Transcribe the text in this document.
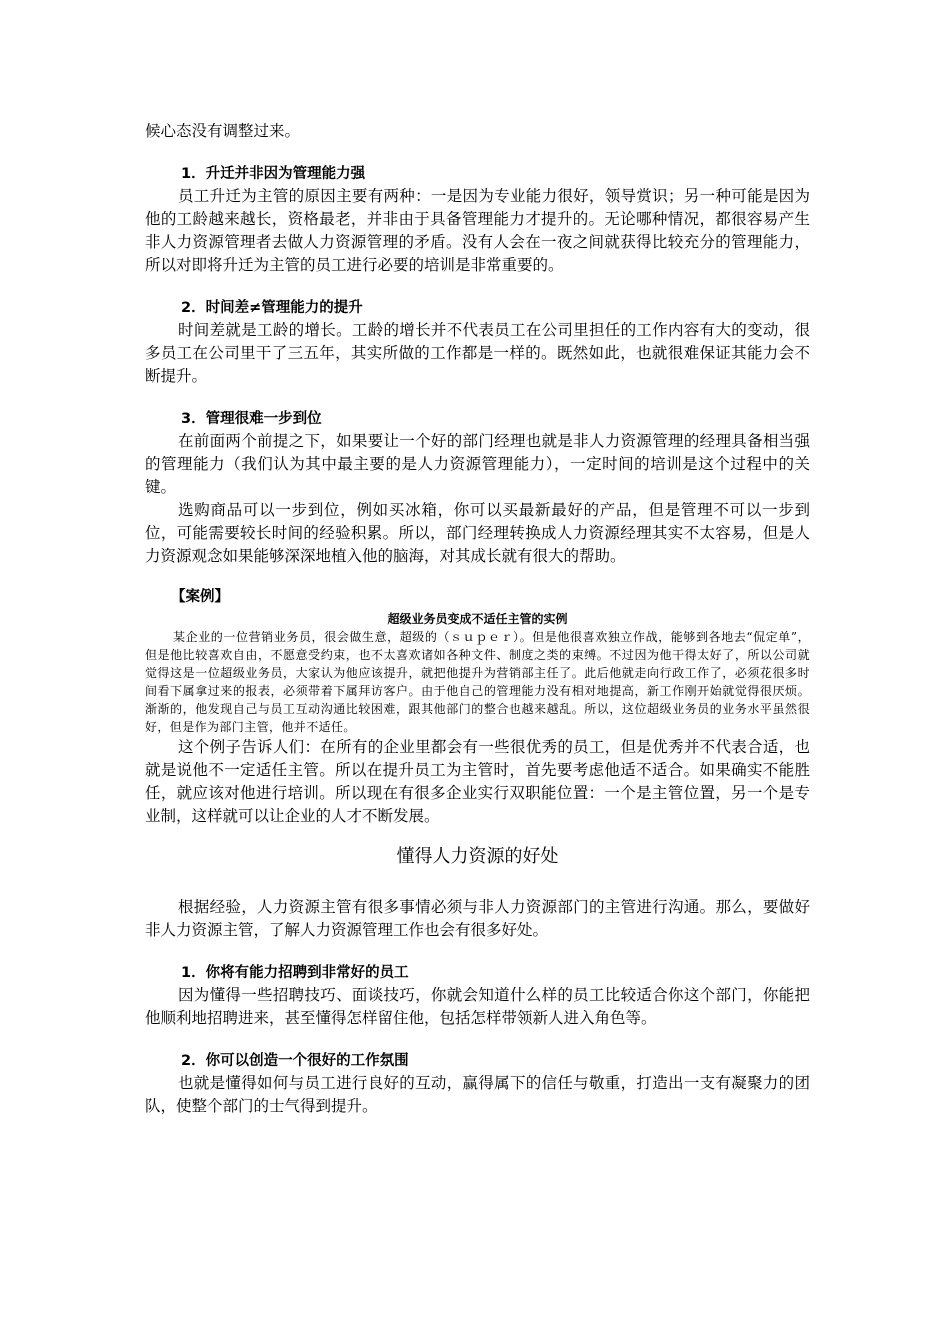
候心态没有调整过来。

1．升迁并非因为管理能力强

员工升迁为主管的原因主要有两种：一是因为专业能力很好，领导赏识；另一种可能是因为他的工龄越来越长，资格最老，并非由于具备管理能力才提升的。无论哪种情况，都很容易产生非人力资源管理者去做人力资源管理的矛盾。没有人会在一夜之间就获得比较充分的管理能力，所以对即将升迁为主管的员工进行必要的培训是非常重要的。

2．时间差≠管理能力的提升

时间差就是工龄的增长。工龄的增长并不代表员工在公司里担任的工作内容有大的变动，很多员工在公司里干了三五年，其实所做的工作都是一样的。既然如此，也就很难保证其能力会不断提升。

3．管理很难一步到位

在前面两个前提之下，如果要让一个好的部门经理也就是非人力资源管理的经理具备相当强的管理能力（我们认为其中最主要的是人力资源管理能力），一定时间的培训是这个过程中的关键。

选购商品可以一步到位，例如买冰箱，你可以买最新最好的产品，但是管理不可以一步到位，可能需要较长时间的经验积累。所以，部门经理转换成人力资源经理其实不太容易，但是人力资源观念如果能够深深地植入他的脑海，对其成长就有很大的帮助。

【案例】

超级业务员变成不适任主管的实例

某企业的一位营销业务员，很会做生意，超级的（ｓｕｐｅｒ）。但是他很喜欢独立作战，能够到各地去“侃定单”，但是他比较喜欢自由，不愿意受约束，也不太喜欢诸如各种文件、制度之类的束缚。不过因为他干得太好了，所以公司就觉得这是一位超级业务员，大家认为他应该提升，就把他提升为营销部主任了。此后他就走向行政工作了，必须花很多时间看下属拿过来的报表，必须带着下属拜访客户。由于他自己的管理能力没有相对地提高，新工作刚开始就觉得很厌烦。渐渐的，他发现自己与员工互动沟通比较困难，跟其他部门的整合也越来越乱。所以，这位超级业务员的业务水平虽然很好，但是作为部门主管，他并不适任。

这个例子告诉人们：在所有的企业里都会有一些很优秀的员工，但是优秀并不代表合适，也就是说他不一定适任主管。所以在提升员工为主管时，首先要考虑他适不适合。如果确实不能胜任，就应该对他进行培训。所以现在有很多企业实行双职能位置：一个是主管位置，另一个是专业制，这样就可以让企业的人才不断发展。

懂得人力资源的好处

根据经验，人力资源主管有很多事情必须与非人力资源部门的主管进行沟通。那么，要做好非人力资源主管，了解人力资源管理工作也会有很多好处。

1．你将有能力招聘到非常好的员工

因为懂得一些招聘技巧、面谈技巧，你就会知道什么样的员工比较适合你这个部门，你能把他顺利地招聘进来，甚至懂得怎样留住他，包括怎样带领新人进入角色等。

2．你可以创造一个很好的工作氛围

也就是懂得如何与员工进行良好的互动，赢得属下的信任与敬重，打造出一支有凝聚力的团队，使整个部门的士气得到提升。
